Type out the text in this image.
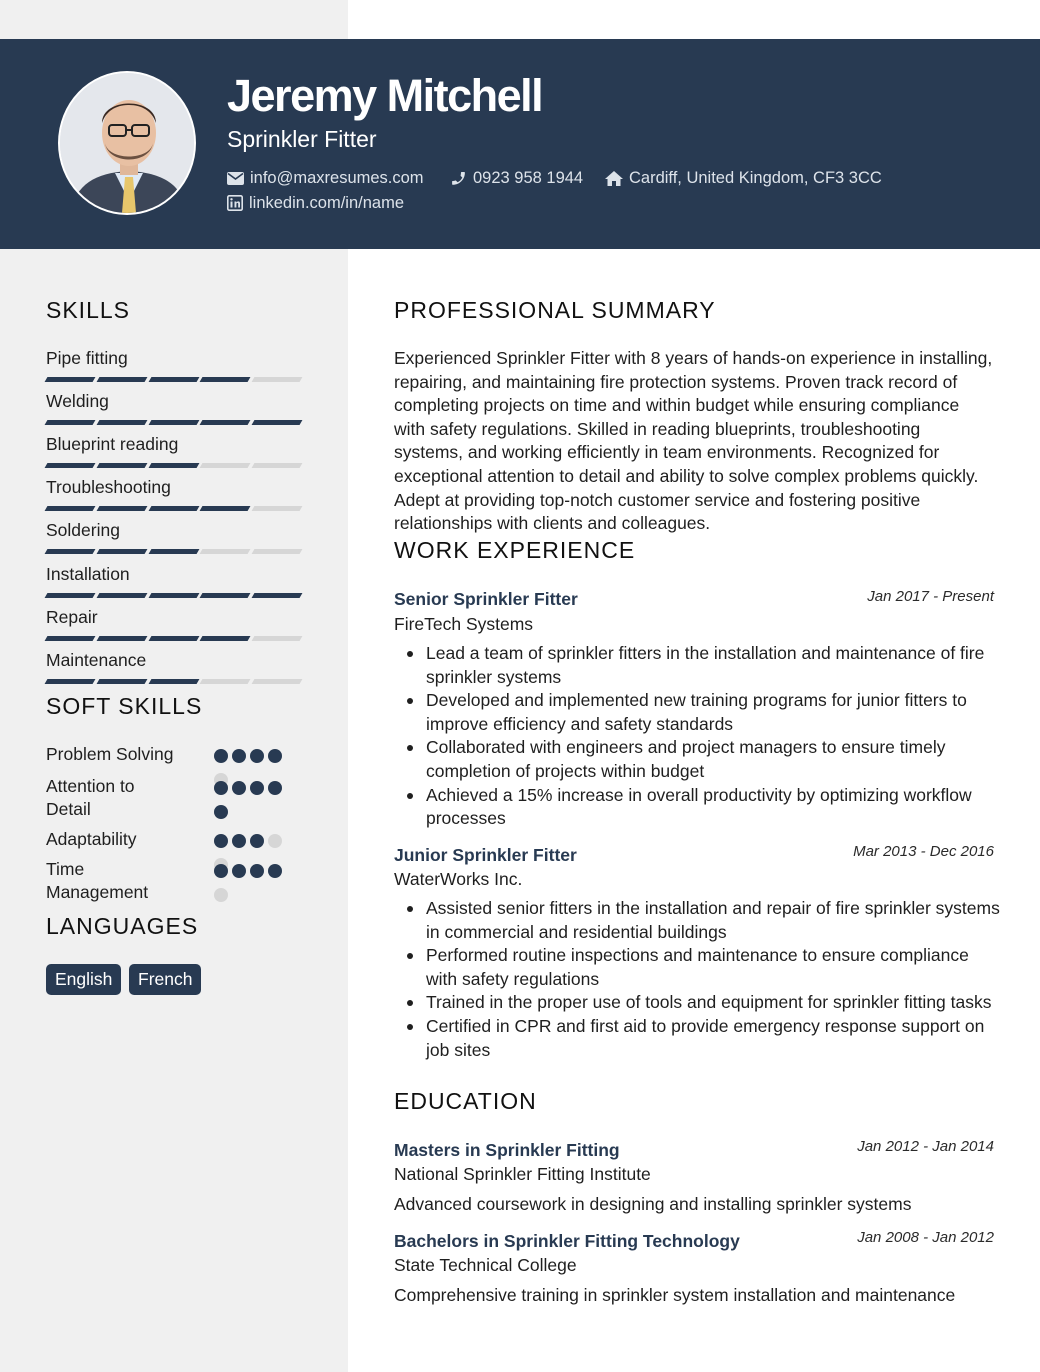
Jeremy Mitchell
Sprinkler Fitter
info@maxresumes.com	0923 958 1944	Cardiff, United Kingdom, CF3 3CC
linkedin.com/in/name
SKILLS
Pipe fitting
Welding
Blueprint reading
Troubleshooting
Soldering
Installation
Repair
Maintenance
SOFT SKILLS
Problem Solving
Attention to Detail
Adaptability
Time Management
LANGUAGES
English	French
PROFESSIONAL SUMMARY

Experienced Sprinkler Fitter with 8 years of hands-on experience in installing, repairing, and maintaining fire protection systems. Proven track record of completing projects on time and within budget while ensuring compliance with safety regulations. Skilled in reading blueprints, troubleshooting systems, and working efficiently in team environments. Recognized for exceptional attention to detail and ability to solve complex problems quickly. Adept at providing top-notch customer service and fostering positive relationships with clients and colleagues.

WORK EXPERIENCE
Senior Sprinkler Fitter	Jan 2017 - Present
FireTech Systems
Lead a team of sprinkler fitters in the installation and maintenance of fire sprinkler systems
Developed and implemented new training programs for junior fitters to improve efficiency and safety standards
Collaborated with engineers and project managers to ensure timely completion of projects within budget
Achieved a 15% increase in overall productivity by optimizing workflow processes
Junior Sprinkler Fitter	Mar 2013 - Dec 2016
WaterWorks Inc.
Assisted senior fitters in the installation and repair of fire sprinkler systems in commercial and residential buildings
Performed routine inspections and maintenance to ensure compliance with safety regulations
Trained in the proper use of tools and equipment for sprinkler fitting tasks
Certified in CPR and first aid to provide emergency response support on job sites
EDUCATION
Masters in Sprinkler Fitting	Jan 2012 - Jan 2014
National Sprinkler Fitting Institute
Advanced coursework in designing and installing sprinkler systems
Bachelors in Sprinkler Fitting Technology	Jan 2008 - Jan 2012
State Technical College
Comprehensive training in sprinkler system installation and maintenance
